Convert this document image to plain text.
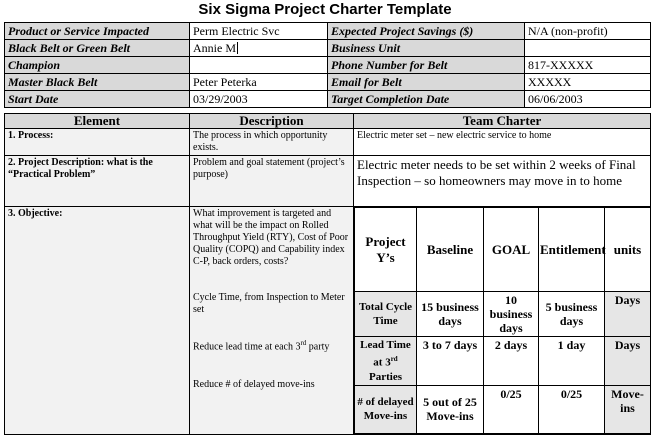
Six Sigma Project Charter Template
Product or Service Impacted	Perm Electric Svc	Expected Project Savings ($)	N/A (non-profit)
Black Belt or Green Belt	Annie M	Business Unit	
Champion		Phone Number for Belt	817-XXXXX
Master Black Belt	Peter Peterka	Email for Belt	XXXXX
Start Date	03/29/2003	Target Completion Date	06/06/2003
Element	Description	Team Charter
1. Process:	The process in which opportunity exists.	Electric meter set – new electric service to home
2. Project Description: what is the “Practical Problem”	Problem and goal statement (project’s purpose)	Electric meter needs to be set within 2 weeks of Final Inspection – so homeowners may move in to home
3. Objective:	What improvement is targeted and what will be the impact on Rolled Throughput Yield (RTY), Cost of Poor Quality (COPQ) and Capability index C-P, back orders, costs?
Cycle Time, from Inspection to Meter set
Reduce lead time at each 3rd party
Reduce # of delayed move-ins

Project Y’s	Baseline	GOAL	Entitlement	units
Total Cycle Time	15 business days	10 business days	5 business days	Days
Lead Time at 3rd Parties	3 to 7 days	2 days	1 day	Days
# of delayed Move-ins	5 out of 25 Move-ins	0/25	0/25	Move-ins
